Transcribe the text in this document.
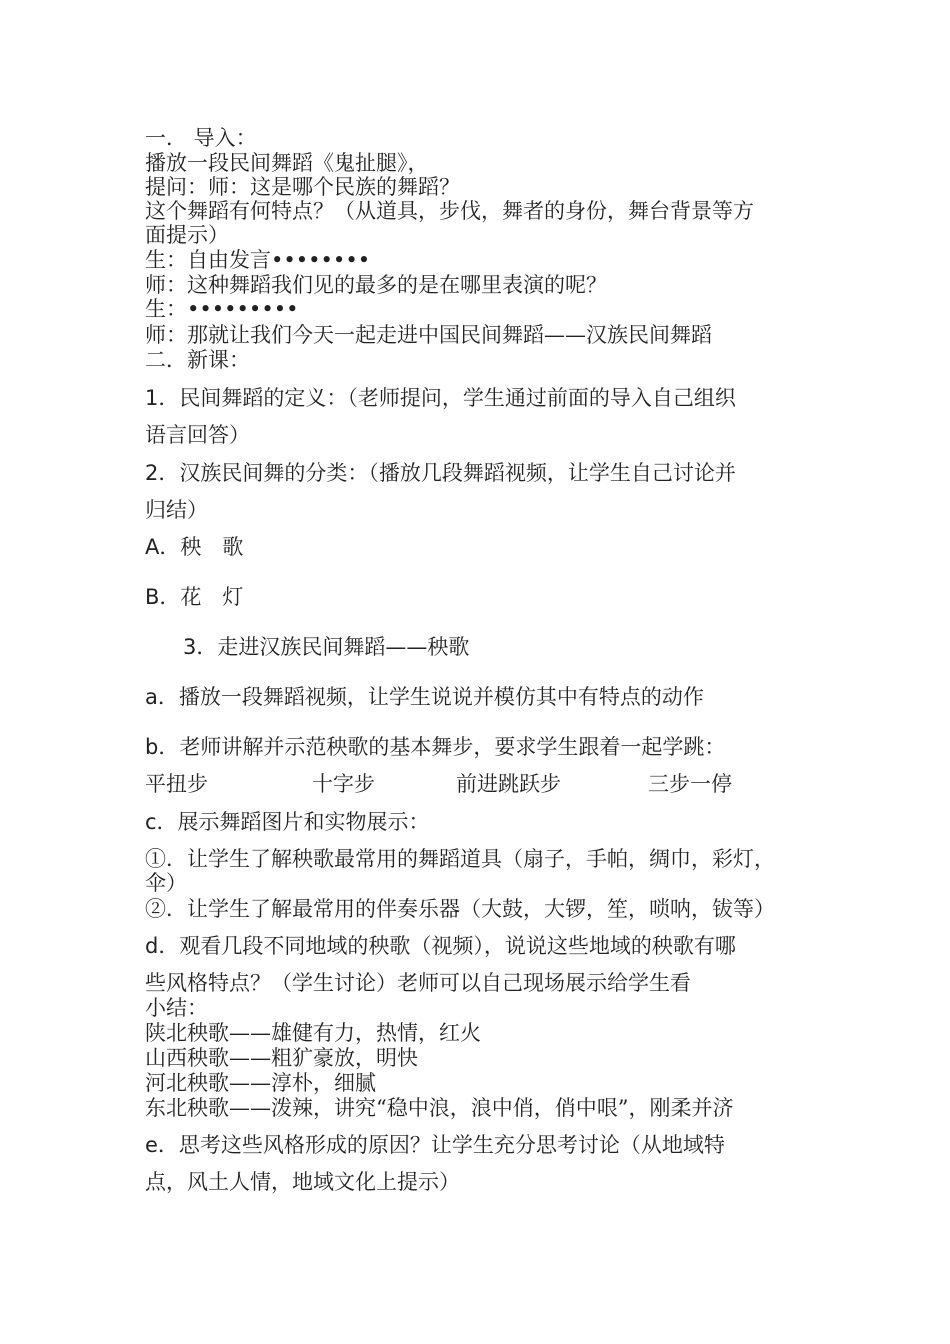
一． 导入：
播放一段民间舞蹈《鬼扯腿》，
提问：师：这是哪个民族的舞蹈？
这个舞蹈有何特点？（从道具，步伐，舞者的身份，舞台背景等方
面提示）
生：自由发言••••••••
师：这种舞蹈我们见的最多的是在哪里表演的呢？
生：•••••••••
师：那就让我们今天一起走进中国民间舞蹈——汉族民间舞蹈
二．新课：
1．民间舞蹈的定义：（老师提问，学生通过前面的导入自己组织
语言回答）
2．汉族民间舞的分类：（播放几段舞蹈视频，让学生自己讨论并
归结）
A．秧　歌
B．花　灯
3．走进汉族民间舞蹈——秧歌
a．播放一段舞蹈视频，让学生说说并模仿其中有特点的动作
b．老师讲解并示范秧歌的基本舞步，要求学生跟着一起学跳：
平扭步	十字步	前进跳跃步	三步一停
c．展示舞蹈图片和实物展示：
①．让学生了解秧歌最常用的舞蹈道具（扇子，手帕，绸巾，彩灯，
伞）
②．让学生了解最常用的伴奏乐器（大鼓，大锣，笙，唢呐，钹等）
d．观看几段不同地域的秧歌（视频），说说这些地域的秧歌有哪
些风格特点？（学生讨论）老师可以自己现场展示给学生看
小结：
陕北秧歌——雄健有力，热情，红火
山西秧歌——粗犷豪放，明快
河北秧歌——淳朴，细腻
东北秧歌——泼辣，讲究“稳中浪，浪中俏，俏中哏”，刚柔并济
e．思考这些风格形成的原因？让学生充分思考讨论（从地域特
点，风土人情，地域文化上提示）
